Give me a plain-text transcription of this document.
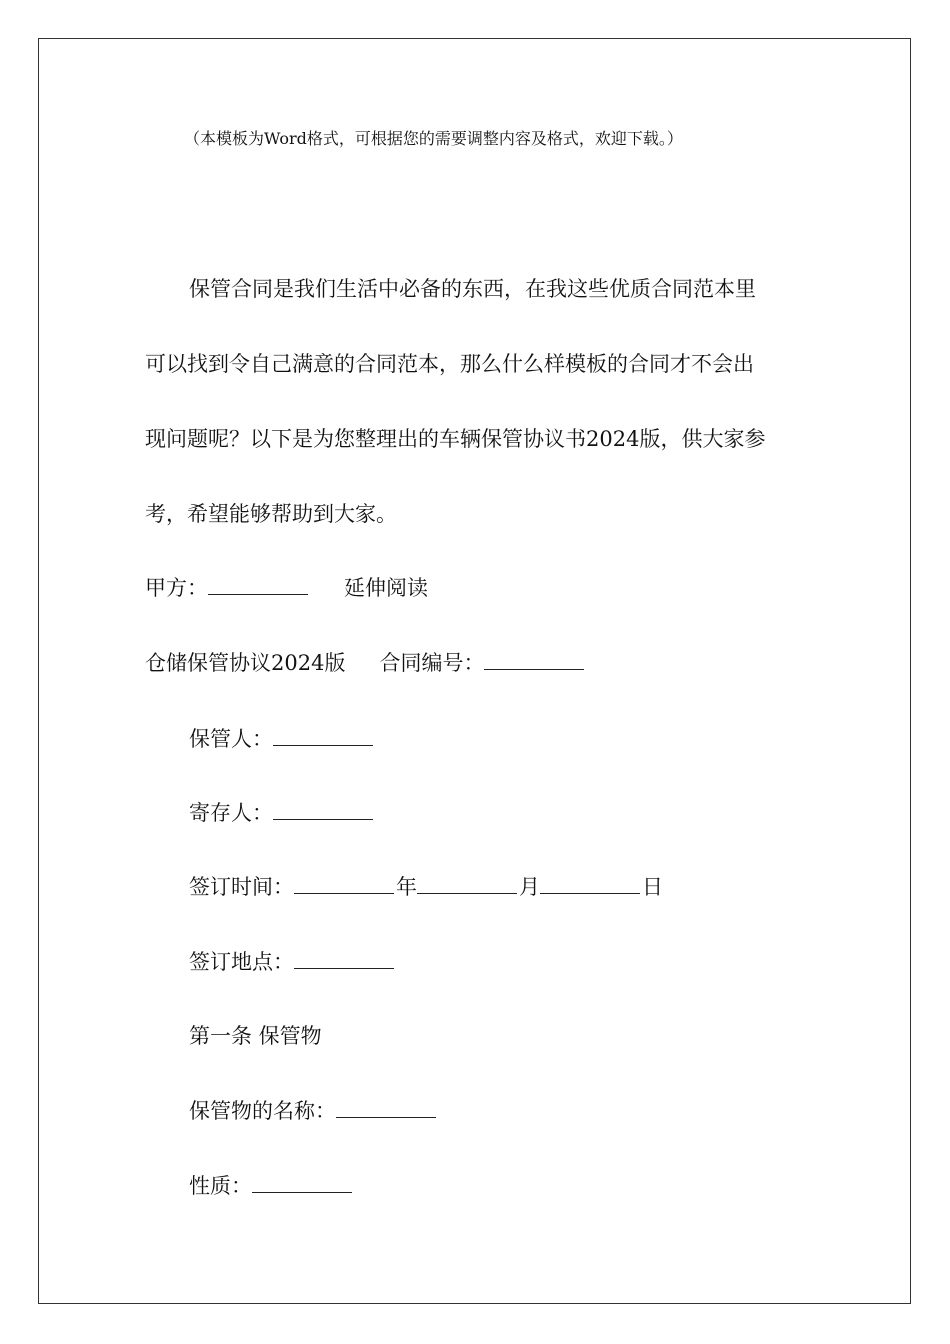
（本模板为Word格式，可根据您的需要调整内容及格式，欢迎下载。）
保管合同是我们生活中必备的东西，在我这些优质合同范本里
可以找到令自己满意的合同范本，那么什么样模板的合同才不会出
现问题呢？以下是为您整理出的车辆保管协议书2024版，供大家参
考，希望能够帮助到大家。
甲方：	延伸阅读
仓储保管协议2024版 合同编号：
保管人：
寄存人：
签订时间：	年	月	日
签订地点：
第一条 保管物
保管物的名称：
性质：
